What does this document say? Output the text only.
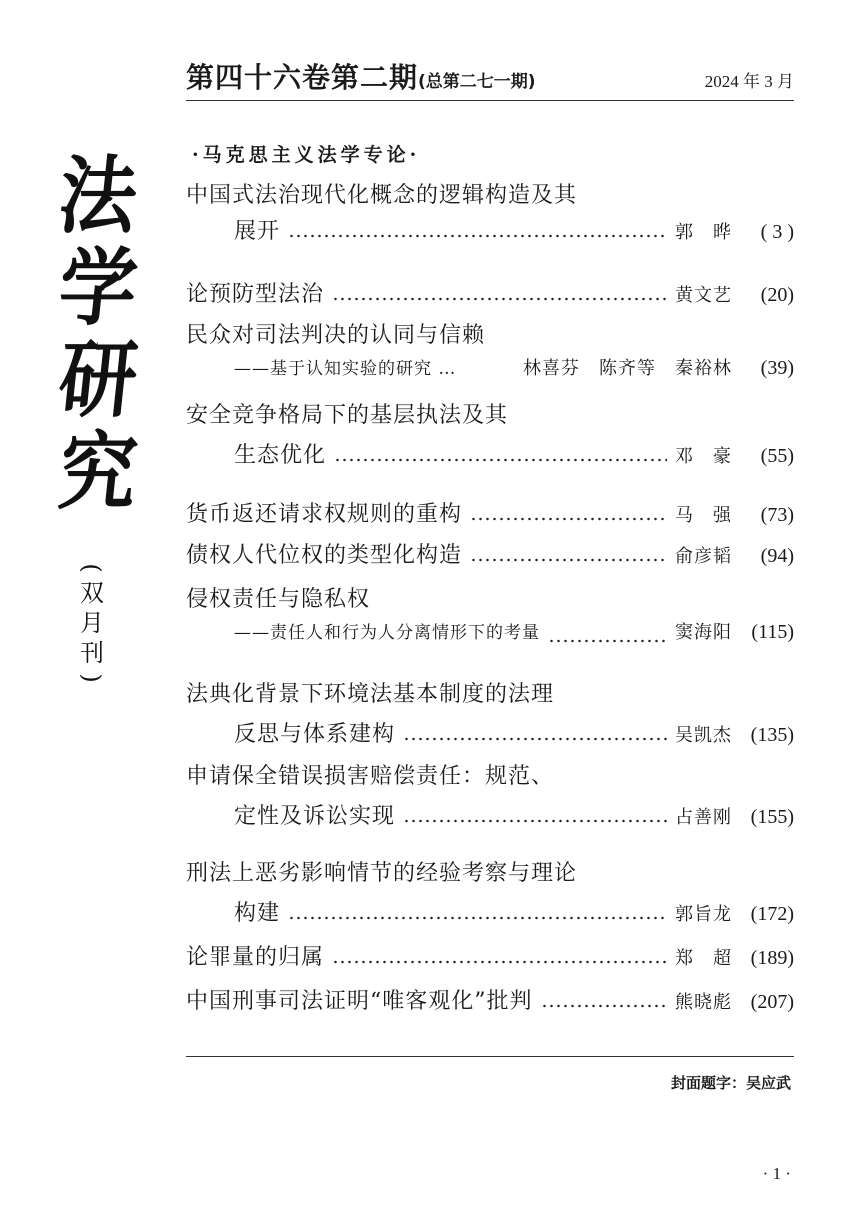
第四十六卷第二期(总第二七一期)	2024 年 3 月
法
学
研
究
(
双
月
刊
)
·马克思主义法学专论·
中国式法治现代化概念的逻辑构造及其
展开	郭　晔	( 3 )
论预防型法治	黄文艺	(20)
民众对司法判决的认同与信赖
——基于认知实验的研究 …	林喜芬　陈齐等　秦裕林	(39)
安全竞争格局下的基层执法及其
生态优化	邓　豪	(55)
货币返还请求权规则的重构	马　强	(73)
债权人代位权的类型化构造	俞彦韬	(94)
侵权责任与隐私权
——责任人和行为人分离情形下的考量	窦海阳 (115)
法典化背景下环境法基本制度的法理
反思与体系建构	吴凯杰 (135)
申请保全错误损害赔偿责任：规范、
定性及诉讼实现	占善刚 (155)
刑法上恶劣影响情节的经验考察与理论
构建	郭旨龙 (172)
论罪量的归属	郑　超 (189)
中国刑事司法证明“唯客观化”批判	熊晓彪 (207)
封面题字：吴应武
· 1 ·
